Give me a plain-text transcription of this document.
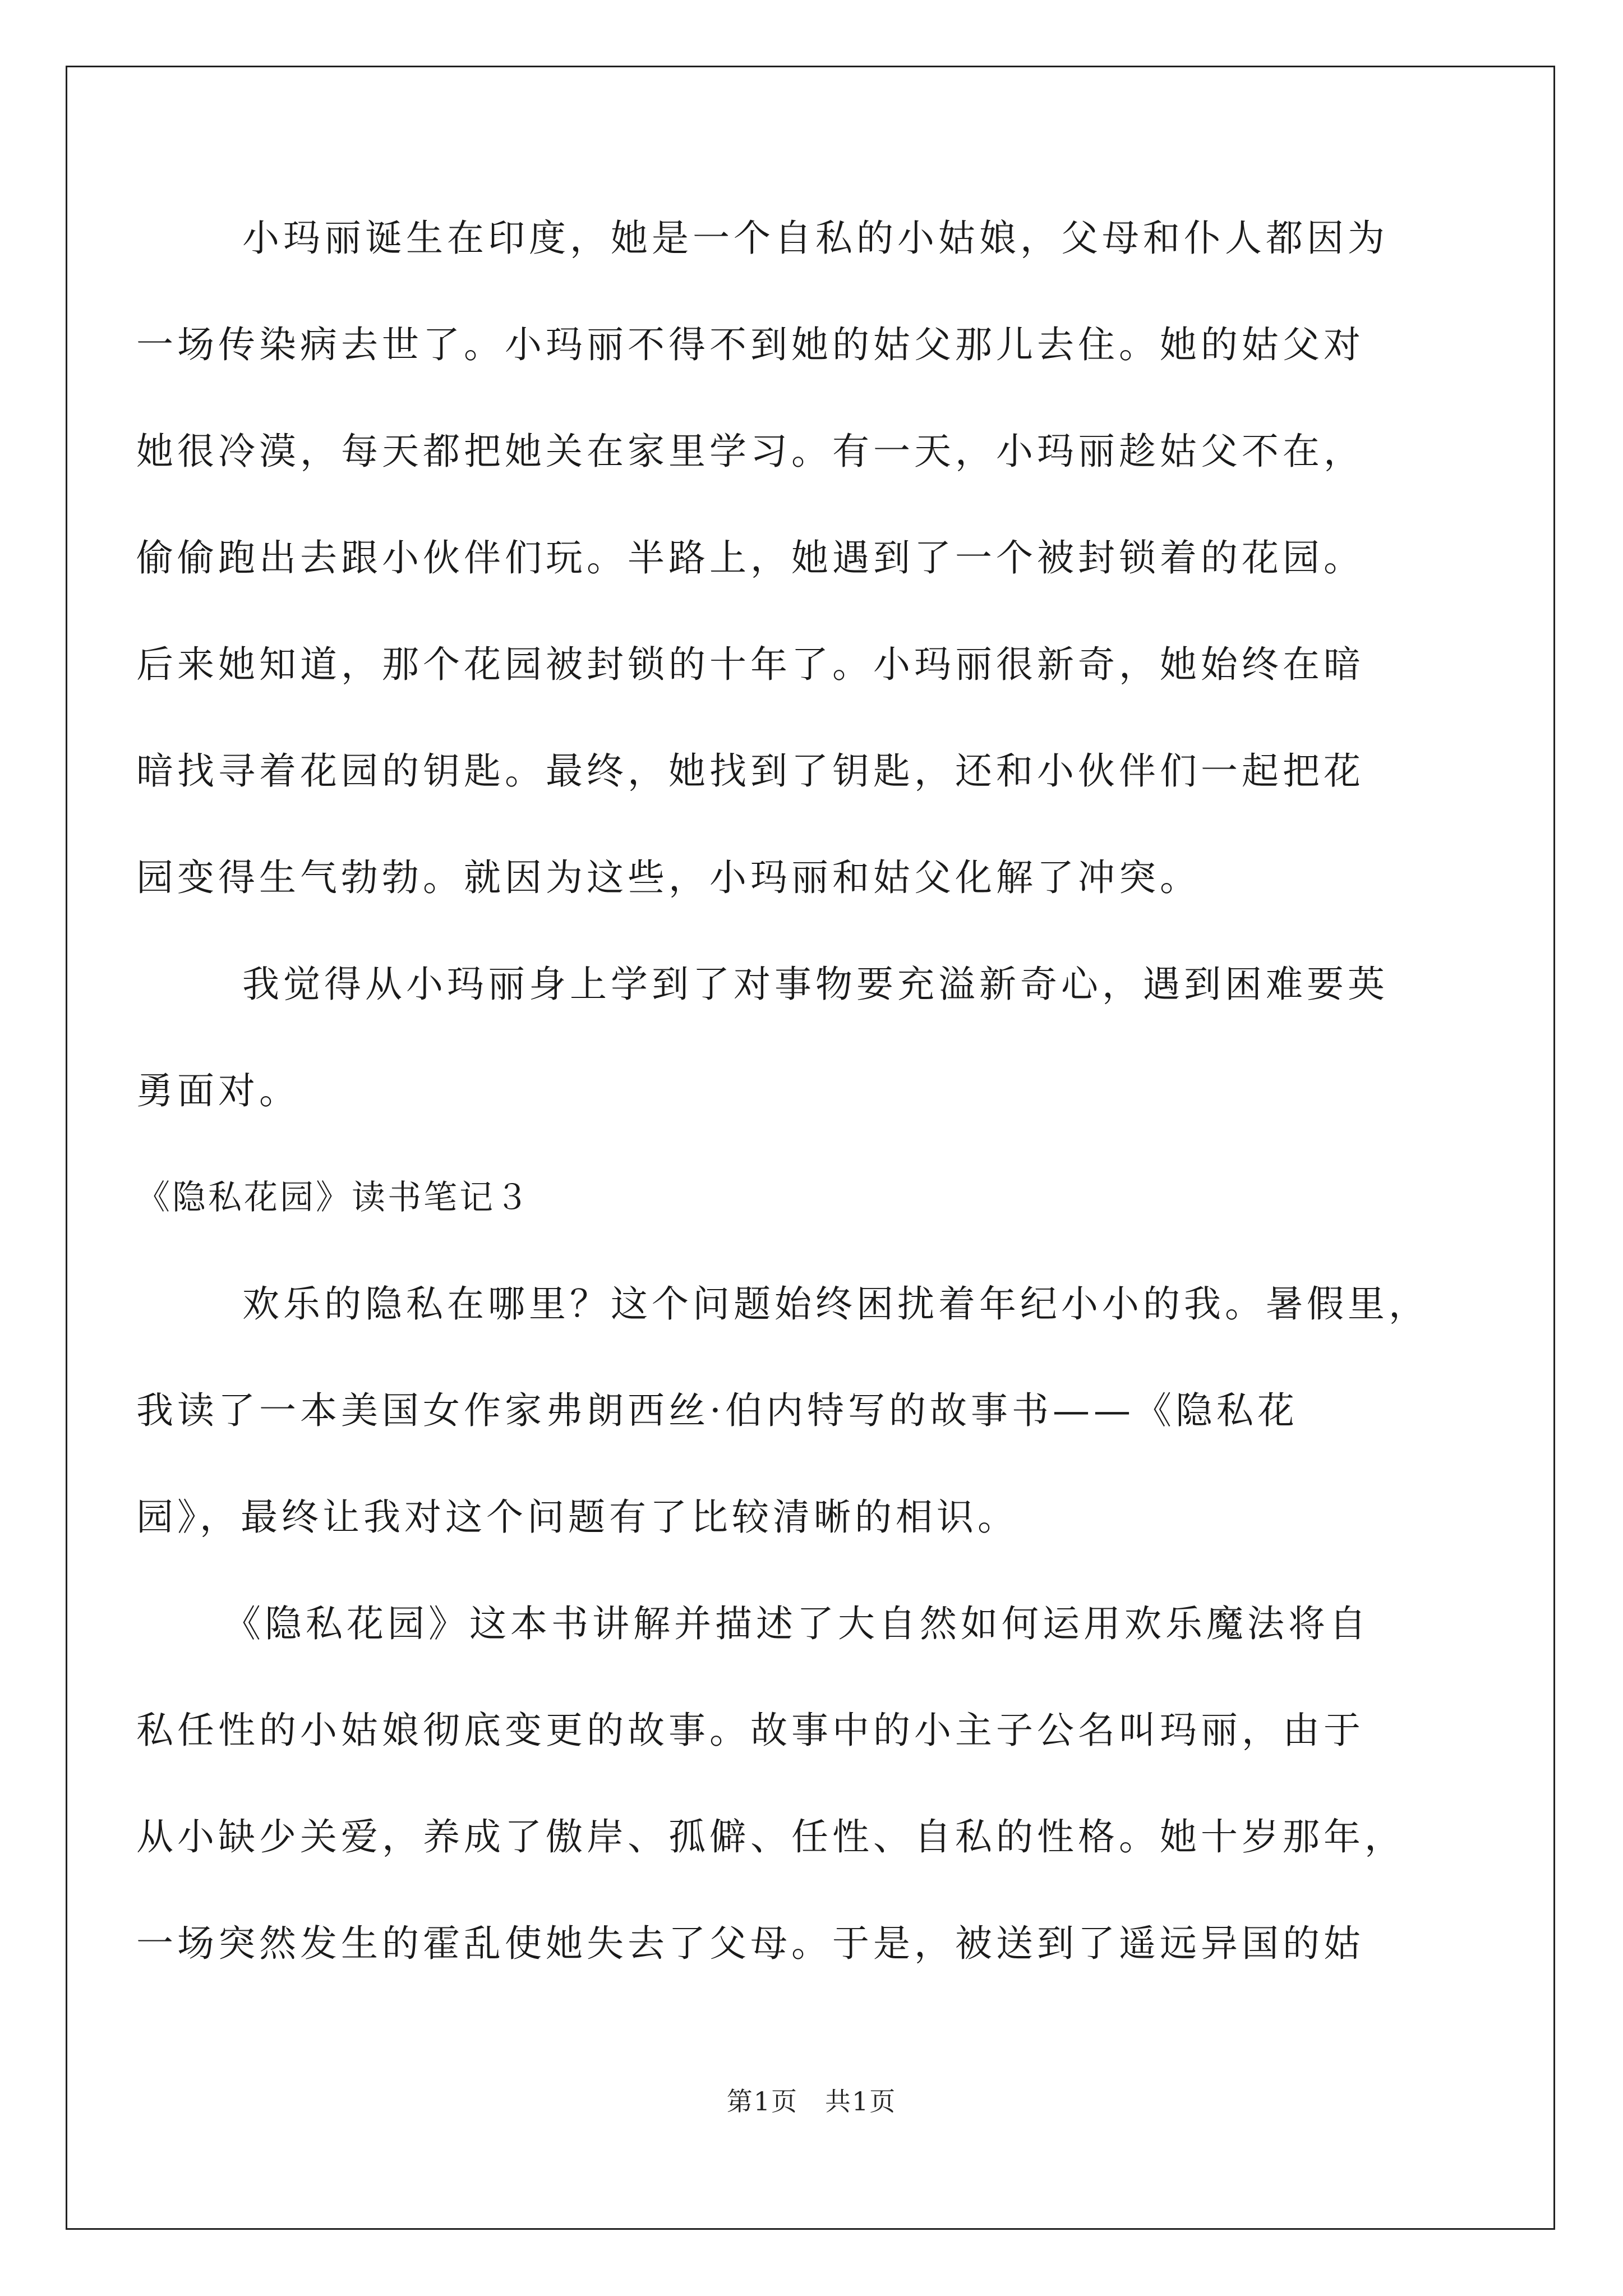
　小玛丽诞生在印度，她是一个自私的小姑娘，父母和仆人都因为
一场传染病去世了。小玛丽不得不到她的姑父那儿去住。她的姑父对
她很冷漠，每天都把她关在家里学习。有一天，小玛丽趁姑父不在，
偷偷跑出去跟小伙伴们玩。半路上，她遇到了一个被封锁着的花园。
后来她知道，那个花园被封锁的十年了。小玛丽很新奇，她始终在暗
暗找寻着花园的钥匙。最终，她找到了钥匙，还和小伙伴们一起把花
园变得生气勃勃。就因为这些，小玛丽和姑父化解了冲突。
　我觉得从小玛丽身上学到了对事物要充溢新奇心，遇到困难要英
勇面对。
《隐私花园》读书笔记３
　欢乐的隐私在哪里？这个问题始终困扰着年纪小小的我。暑假里，
我读了一本美国女作家弗朗西丝·伯内特写的故事书——《隐私花
园》，最终让我对这个问题有了比较清晰的相识。
　《隐私花园》这本书讲解并描述了大自然如何运用欢乐魔法将自
私任性的小姑娘彻底变更的故事。故事中的小主子公名叫玛丽，由于
从小缺少关爱，养成了傲岸、孤僻、任性、自私的性格。她十岁那年，
一场突然发生的霍乱使她失去了父母。于是，被送到了遥远异国的姑
第1页　共1页
